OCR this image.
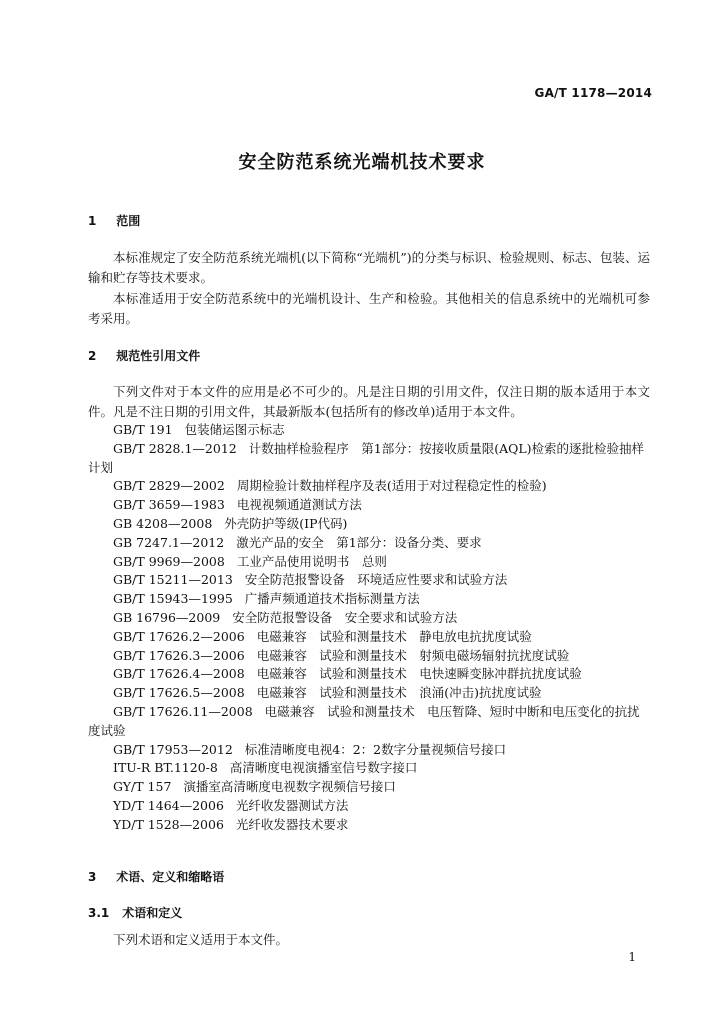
GA/T 1178—2014
安全防范系统光端机技术要求
1 范围

本标准规定了安全防范系统光端机(以下简称“光端机”)的分类与标识、检验规则、标志、包装、运输和贮存等技术要求。

本标准适用于安全防范系统中的光端机设计、生产和检验。其他相关的信息系统中的光端机可参考采用。

2 规范性引用文件

下列文件对于本文件的应用是必不可少的。凡是注日期的引用文件，仅注日期的版本适用于本文件。凡是不注日期的引用文件，其最新版本(包括所有的修改单)适用于本文件。

GB/T 191 包装储运图示标志
GB/T 2828.1—2012 计数抽样检验程序　第1部分：按接收质量限(AQL)检索的逐批检验抽样计划
GB/T 2829—2002 周期检验计数抽样程序及表(适用于对过程稳定性的检验)
GB/T 3659—1983 电视视频通道测试方法
GB 4208—2008 外壳防护等级(IP代码)
GB 7247.1—2012 激光产品的安全　第1部分：设备分类、要求
GB/T 9969—2008 工业产品使用说明书　总则
GB/T 15211—2013 安全防范报警设备　环境适应性要求和试验方法
GB/T 15943—1995 广播声频通道技术指标测量方法
GB 16796—2009 安全防范报警设备　安全要求和试验方法
GB/T 17626.2—2006 电磁兼容　试验和测量技术　静电放电抗扰度试验
GB/T 17626.3—2006 电磁兼容　试验和测量技术　射频电磁场辐射抗扰度试验
GB/T 17626.4—2008 电磁兼容　试验和测量技术　电快速瞬变脉冲群抗扰度试验
GB/T 17626.5—2008 电磁兼容　试验和测量技术　浪涌(冲击)抗扰度试验
GB/T 17626.11—2008 电磁兼容　试验和测量技术　电压暂降、短时中断和电压变化的抗扰度试验
GB/T 17953—2012 标准清晰度电视4：2：2数字分量视频信号接口
ITU-R BT.1120-8 高清晰度电视演播室信号数字接口
GY/T 157 演播室高清晰度电视数字视频信号接口
YD/T 1464—2006 光纤收发器测试方法
YD/T 1528—2006 光纤收发器技术要求
3 术语、定义和缩略语
3.1 术语和定义

下列术语和定义适用于本文件。

1
